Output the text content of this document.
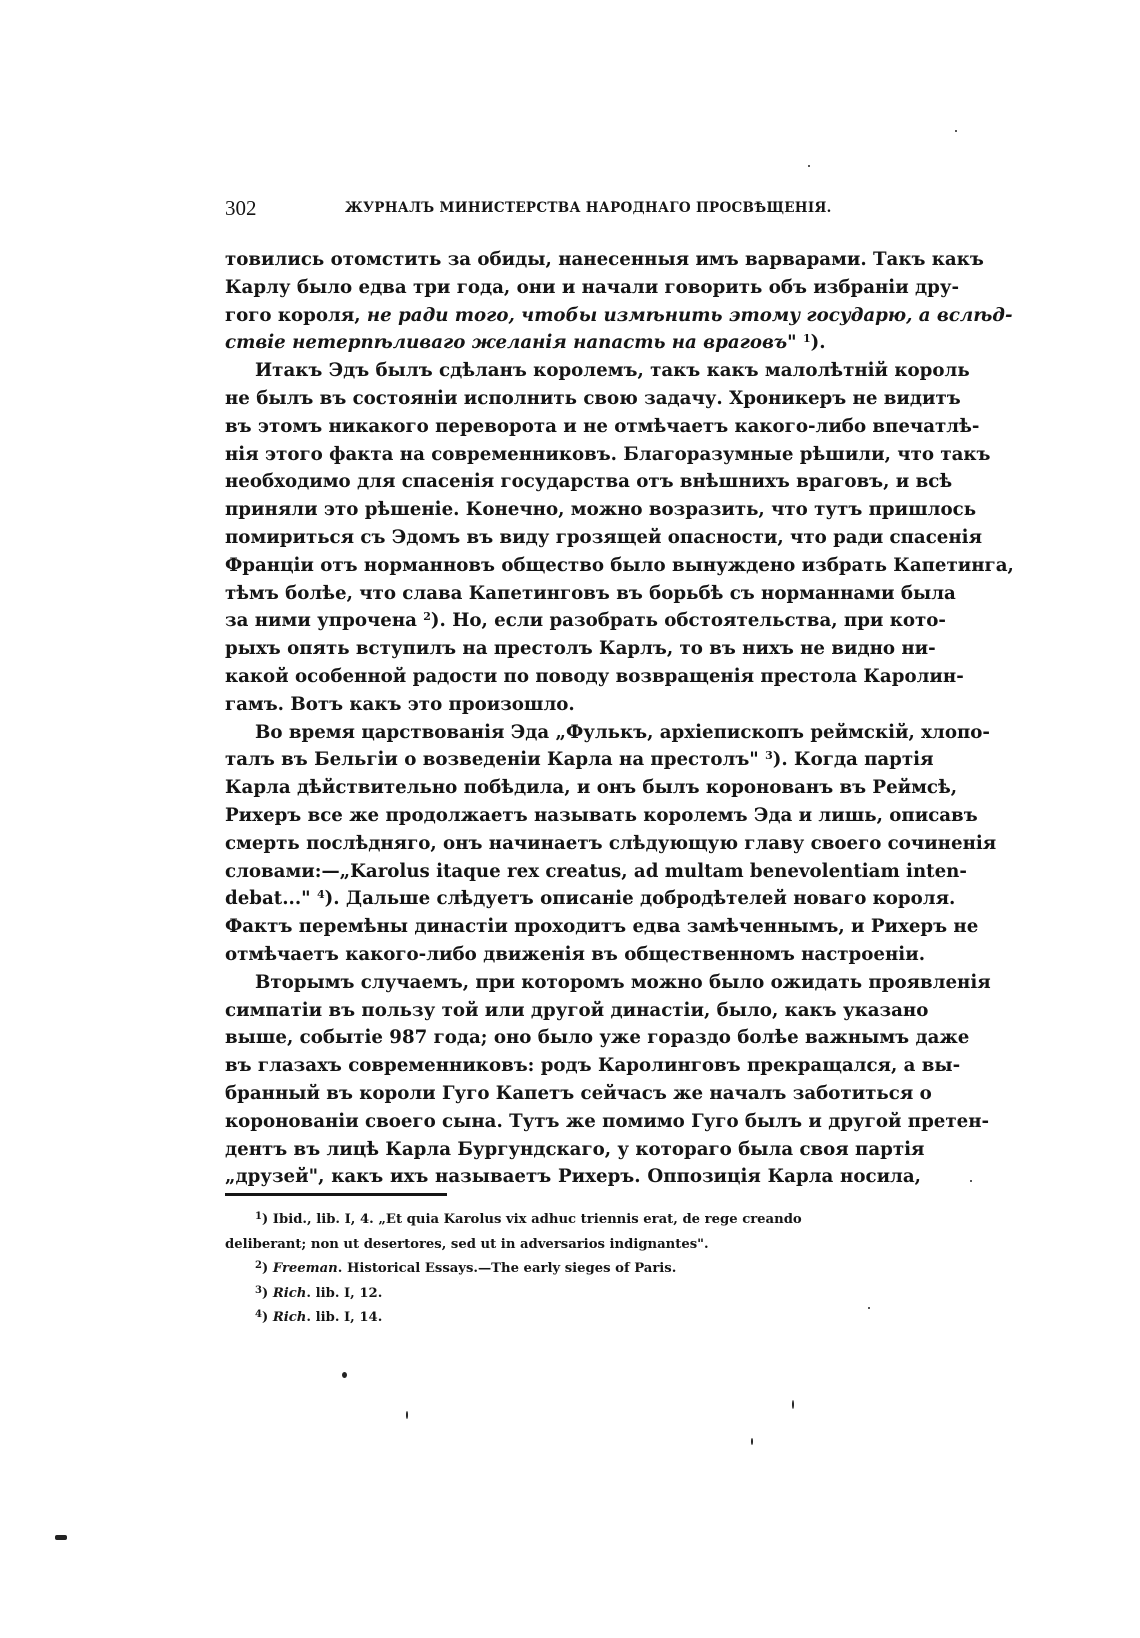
302	ЖУРНАЛЪ МИНИСТЕРСТВА НАРОДНАГО ПРОСВѢЩЕНІЯ.
товились отомстить за обиды, нанесенныя имъ варварами. Такъ какъ
Карлу было едва три года, они и начали говорить объ избраніи дру-
гого короля, не ради того, чтобы измѣнить этому государю, а вслѣд-
ствіе нетерпѣливаго желанія напасть на враговъ" $^1$).
Итакъ Эдъ былъ сдѣланъ королемъ, такъ какъ малолѣтній король
не былъ въ состояніи исполнить свою задачу. Хроникеръ не видитъ
въ этомъ никакого переворота и не отмѣчаетъ какого-либо впечатлѣ-
нія этого факта на современниковъ. Благоразумные рѣшили, что такъ
необходимо для спасенія государства отъ внѣшнихъ враговъ, и всѣ
приняли это рѣшеніе. Конечно, можно возразить, что тутъ пришлось
помириться съ Эдомъ въ виду грозящей опасности, что ради спасенія
Франціи отъ норманновъ общество было вынуждено избрать Капетинга,
тѣмъ болѣе, что слава Капетинговъ въ борьбѣ съ норманнами была
за ними упрочена $^2$). Но, если разобрать обстоятельства, при кото-
рыхъ опять вступилъ на престолъ Карлъ, то въ нихъ не видно ни-
какой особенной радости по поводу возвращенія престола Каролин-
гамъ. Вотъ какъ это произошло.
Во время царствованія Эда „Фулькъ, архіепископъ реймскій, хлопо-
талъ въ Бельгіи о возведеніи Карла на престолъ" $^3$). Когда партія
Карла дѣйствительно побѣдила, и онъ былъ коронованъ въ Реймсѣ,
Рихеръ все же продолжаетъ называть королемъ Эда и лишь, описавъ
смерть послѣдняго, онъ начинаетъ слѣдующую главу своего сочиненія
словами:—„Karolus itaque rex creatus, ad multam benevolentiam inten-
debat..." $^4$). Дальше слѣдуетъ описаніе добродѣтелей новаго короля.
Фактъ перемѣны династіи проходитъ едва замѣченнымъ, и Рихеръ не
отмѣчаетъ какого-либо движенія въ общественномъ настроеніи.
Вторымъ случаемъ, при которомъ можно было ожидать проявленія
симпатіи въ пользу той или другой династіи, было, какъ указано
выше, событіе 987 года; оно было уже гораздо болѣе важнымъ даже
въ глазахъ современниковъ: родъ Каролинговъ прекращался, а вы-
бранный въ короли Гуго Капетъ сейчасъ же началъ заботиться о
коронованіи своего сына. Тутъ же помимо Гуго былъ и другой претен-
дентъ въ лицѣ Карла Бургундскаго, у котораго была своя партія
„друзей", какъ ихъ называетъ Рихеръ. Оппозиція Карла носила,
$^1$) Ibid., lib. I, 4. „Et quia Karolus vix adhuc triennis erat, de rege creando
deliberant; non ut desertores, sed ut in adversarios indignantes".
$^2$) Freeman. Historical Essays.—The early sieges of Paris.
$^3$) Rich. lib. I, 12.
$^4$) Rich. lib. I, 14.
